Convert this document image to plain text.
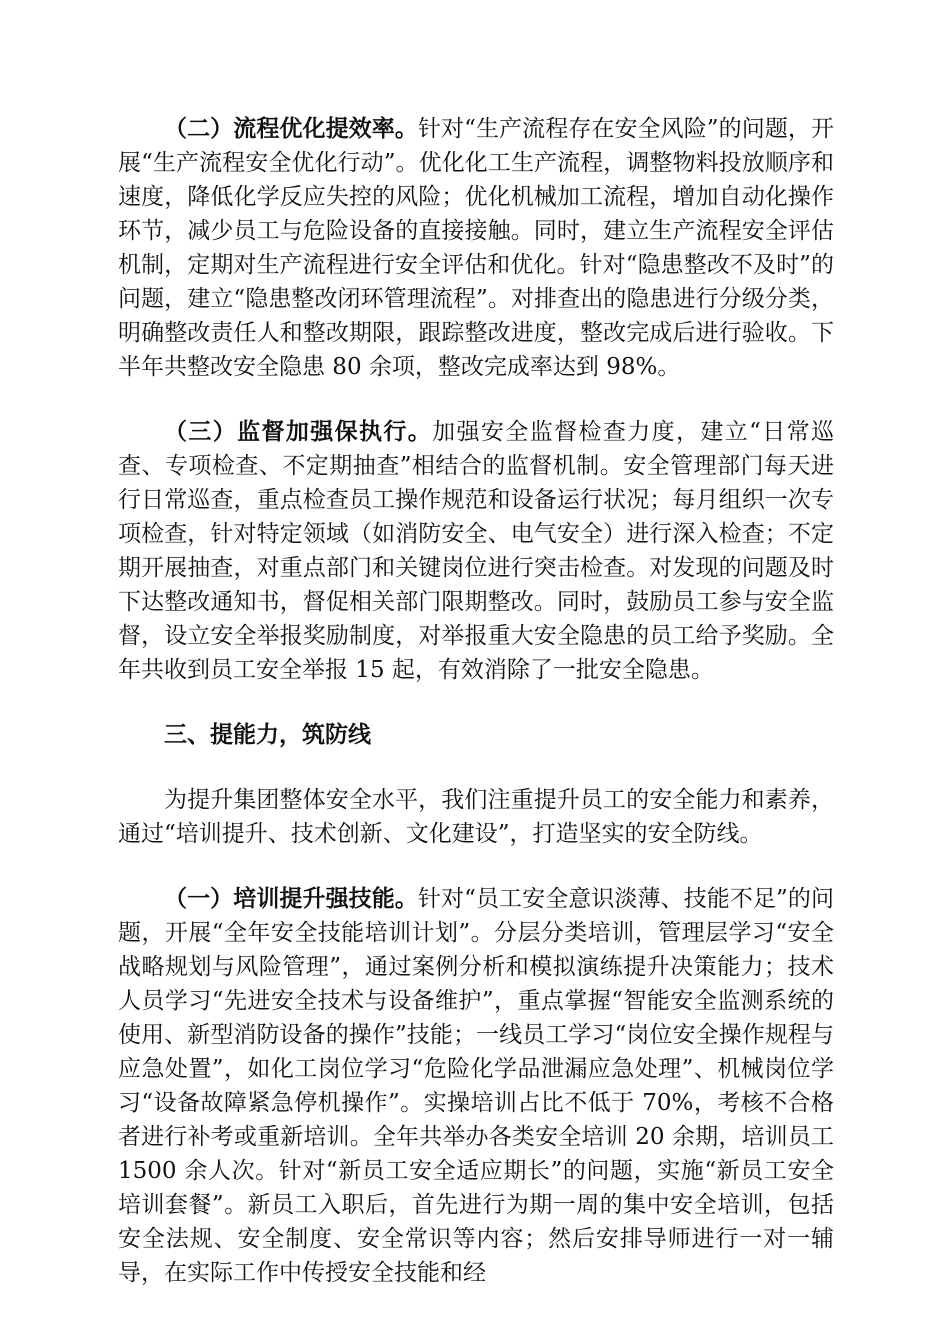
（二）流程优化提效率。针对“生产流程存在安全风险”的问题，开展“生产流程安全优化行动”。优化化工生产流程，调整物料投放顺序和速度，降低化学反应失控的风险；优化机械加工流程，增加自动化操作环节，减少员工与危险设备的直接接触。同时，建立生产流程安全评估机制，定期对生产流程进行安全评估和优化。针对“隐患整改不及时”的问题，建立“隐患整改闭环管理流程”。对排查出的隐患进行分级分类，明确整改责任人和整改期限，跟踪整改进度，整改完成后进行验收。下半年共整改安全隐患 80 余项，整改完成率达到 98%。

（三）监督加强保执行。加强安全监督检查力度，建立“日常巡查、专项检查、不定期抽查”相结合的监督机制。安全管理部门每天进行日常巡查，重点检查员工操作规范和设备运行状况；每月组织一次专项检查，针对特定领域（如消防安全、电气安全）进行深入检查；不定期开展抽查，对重点部门和关键岗位进行突击检查。对发现的问题及时下达整改通知书，督促相关部门限期整改。同时，鼓励员工参与安全监督，设立安全举报奖励制度，对举报重大安全隐患的员工给予奖励。全年共收到员工安全举报 15 起，有效消除了一批安全隐患。

三、提能力，筑防线

为提升集团整体安全水平，我们注重提升员工的安全能力和素养，通过“培训提升、技术创新、文化建设”，打造坚实的安全防线。

（一）培训提升强技能。针对“员工安全意识淡薄、技能不足”的问题，开展“全年安全技能培训计划”。分层分类培训，管理层学习“安全战略规划与风险管理”，通过案例分析和模拟演练提升决策能力；技术人员学习“先进安全技术与设备维护”，重点掌握“智能安全监测系统的使用、新型消防设备的操作”技能；一线员工学习“岗位安全操作规程与应急处置”，如化工岗位学习“危险化学品泄漏应急处理”、机械岗位学习“设备故障紧急停机操作”。实操培训占比不低于 70%，考核不合格者进行补考或重新培训。全年共举办各类安全培训 20 余期，培训员工 1500 余人次。针对“新员工安全适应期长”的问题，实施“新员工安全培训套餐”。新员工入职后，首先进行为期一周的集中安全培训，包括安全法规、安全制度、安全常识等内容；然后安排导师进行一对一辅导，在实际工作中传授安全技能和经
